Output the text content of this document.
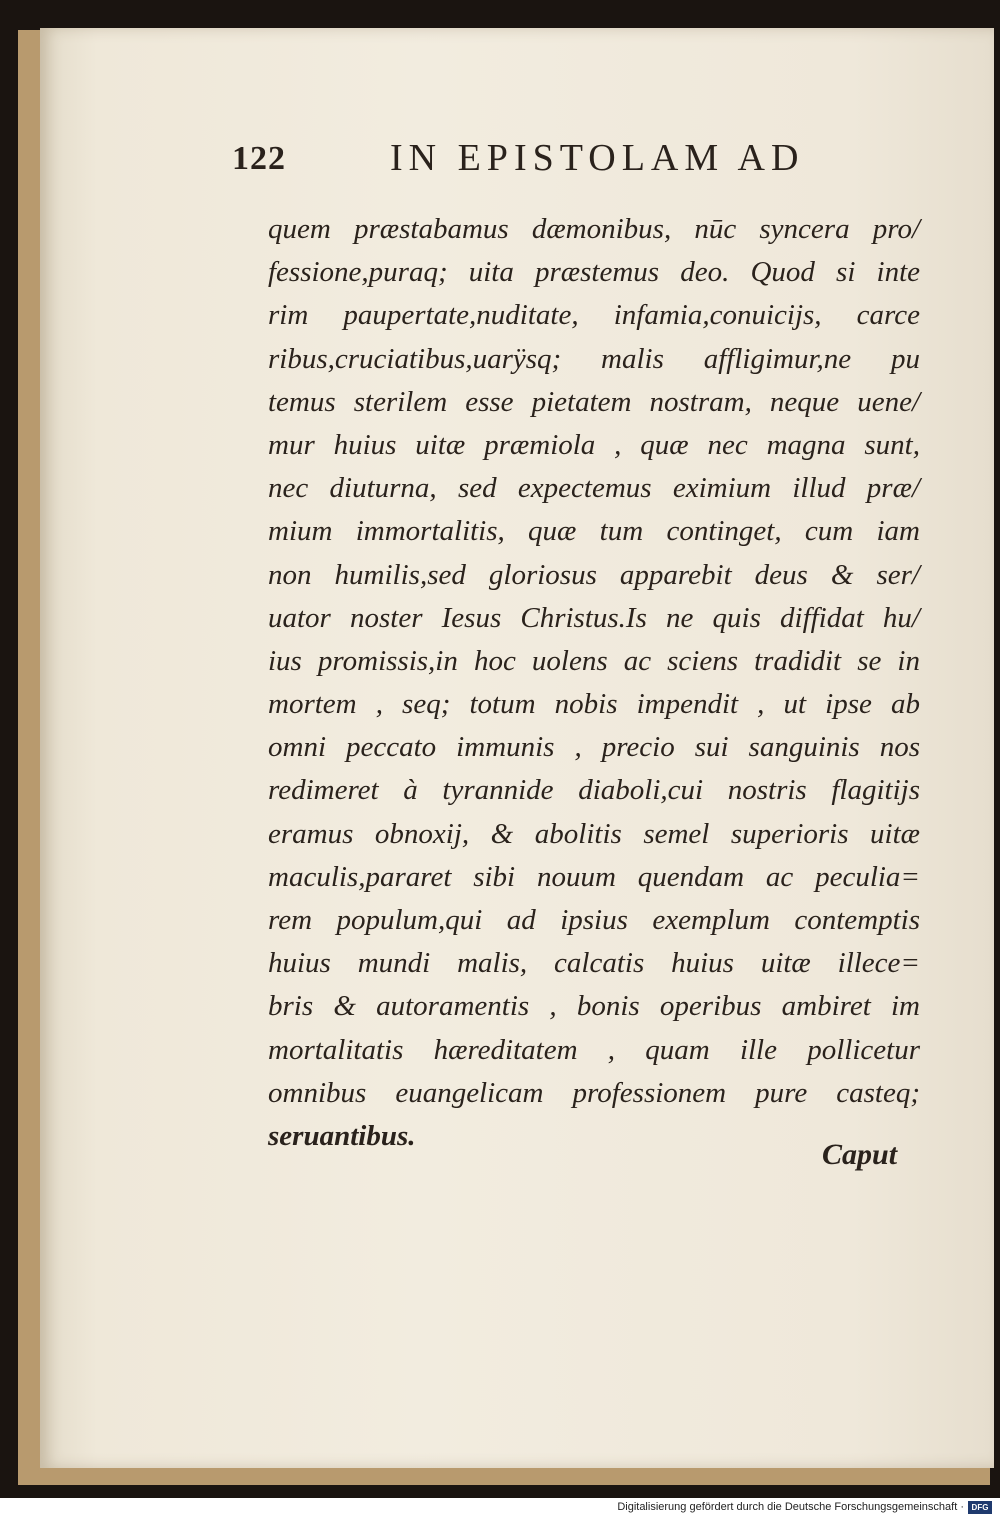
122	IN EPISTOLAM AD
quem præstabamus dæmonibus, nūc syncera pro/
fessione,puraq; uita præstemus deo. Quod si inte
rim paupertate,nuditate, infamia,conuicijs, carce
ribus,cruciatibus,uarÿsq; malis affligimur,ne pu
temus sterilem esse pietatem nostram, neque uene/
mur huius uitæ præmiola , quæ nec magna sunt,
nec diuturna, sed expectemus eximium illud præ/
mium immortalitis, quæ tum continget, cum iam
non humilis,sed gloriosus apparebit deus & ser/
uator noster Iesus Christus.Is ne quis diffidat hu/
ius promissis,in hoc uolens ac sciens tradidit se in
mortem , seq; totum nobis impendit , ut ipse ab
omni peccato immunis , precio sui sanguinis nos
redimeret à tyrannide diaboli,cui nostris flagitijs
eramus obnoxij, & abolitis semel superioris uitæ
maculis,pararet sibi nouum quendam ac peculia=
rem populum,qui ad ipsius exemplum contemptis
huius mundi malis, calcatis huius uitæ illece=
bris & autoramentis , bonis operibus ambiret im
mortalitatis hæreditatem , quam ille pollicetur
omnibus euangelicam professionem pure casteq;
seruantibus.
Caput
Digitalisierung gefördert durch die Deutsche Forschungsgemeinschaft · DFG
